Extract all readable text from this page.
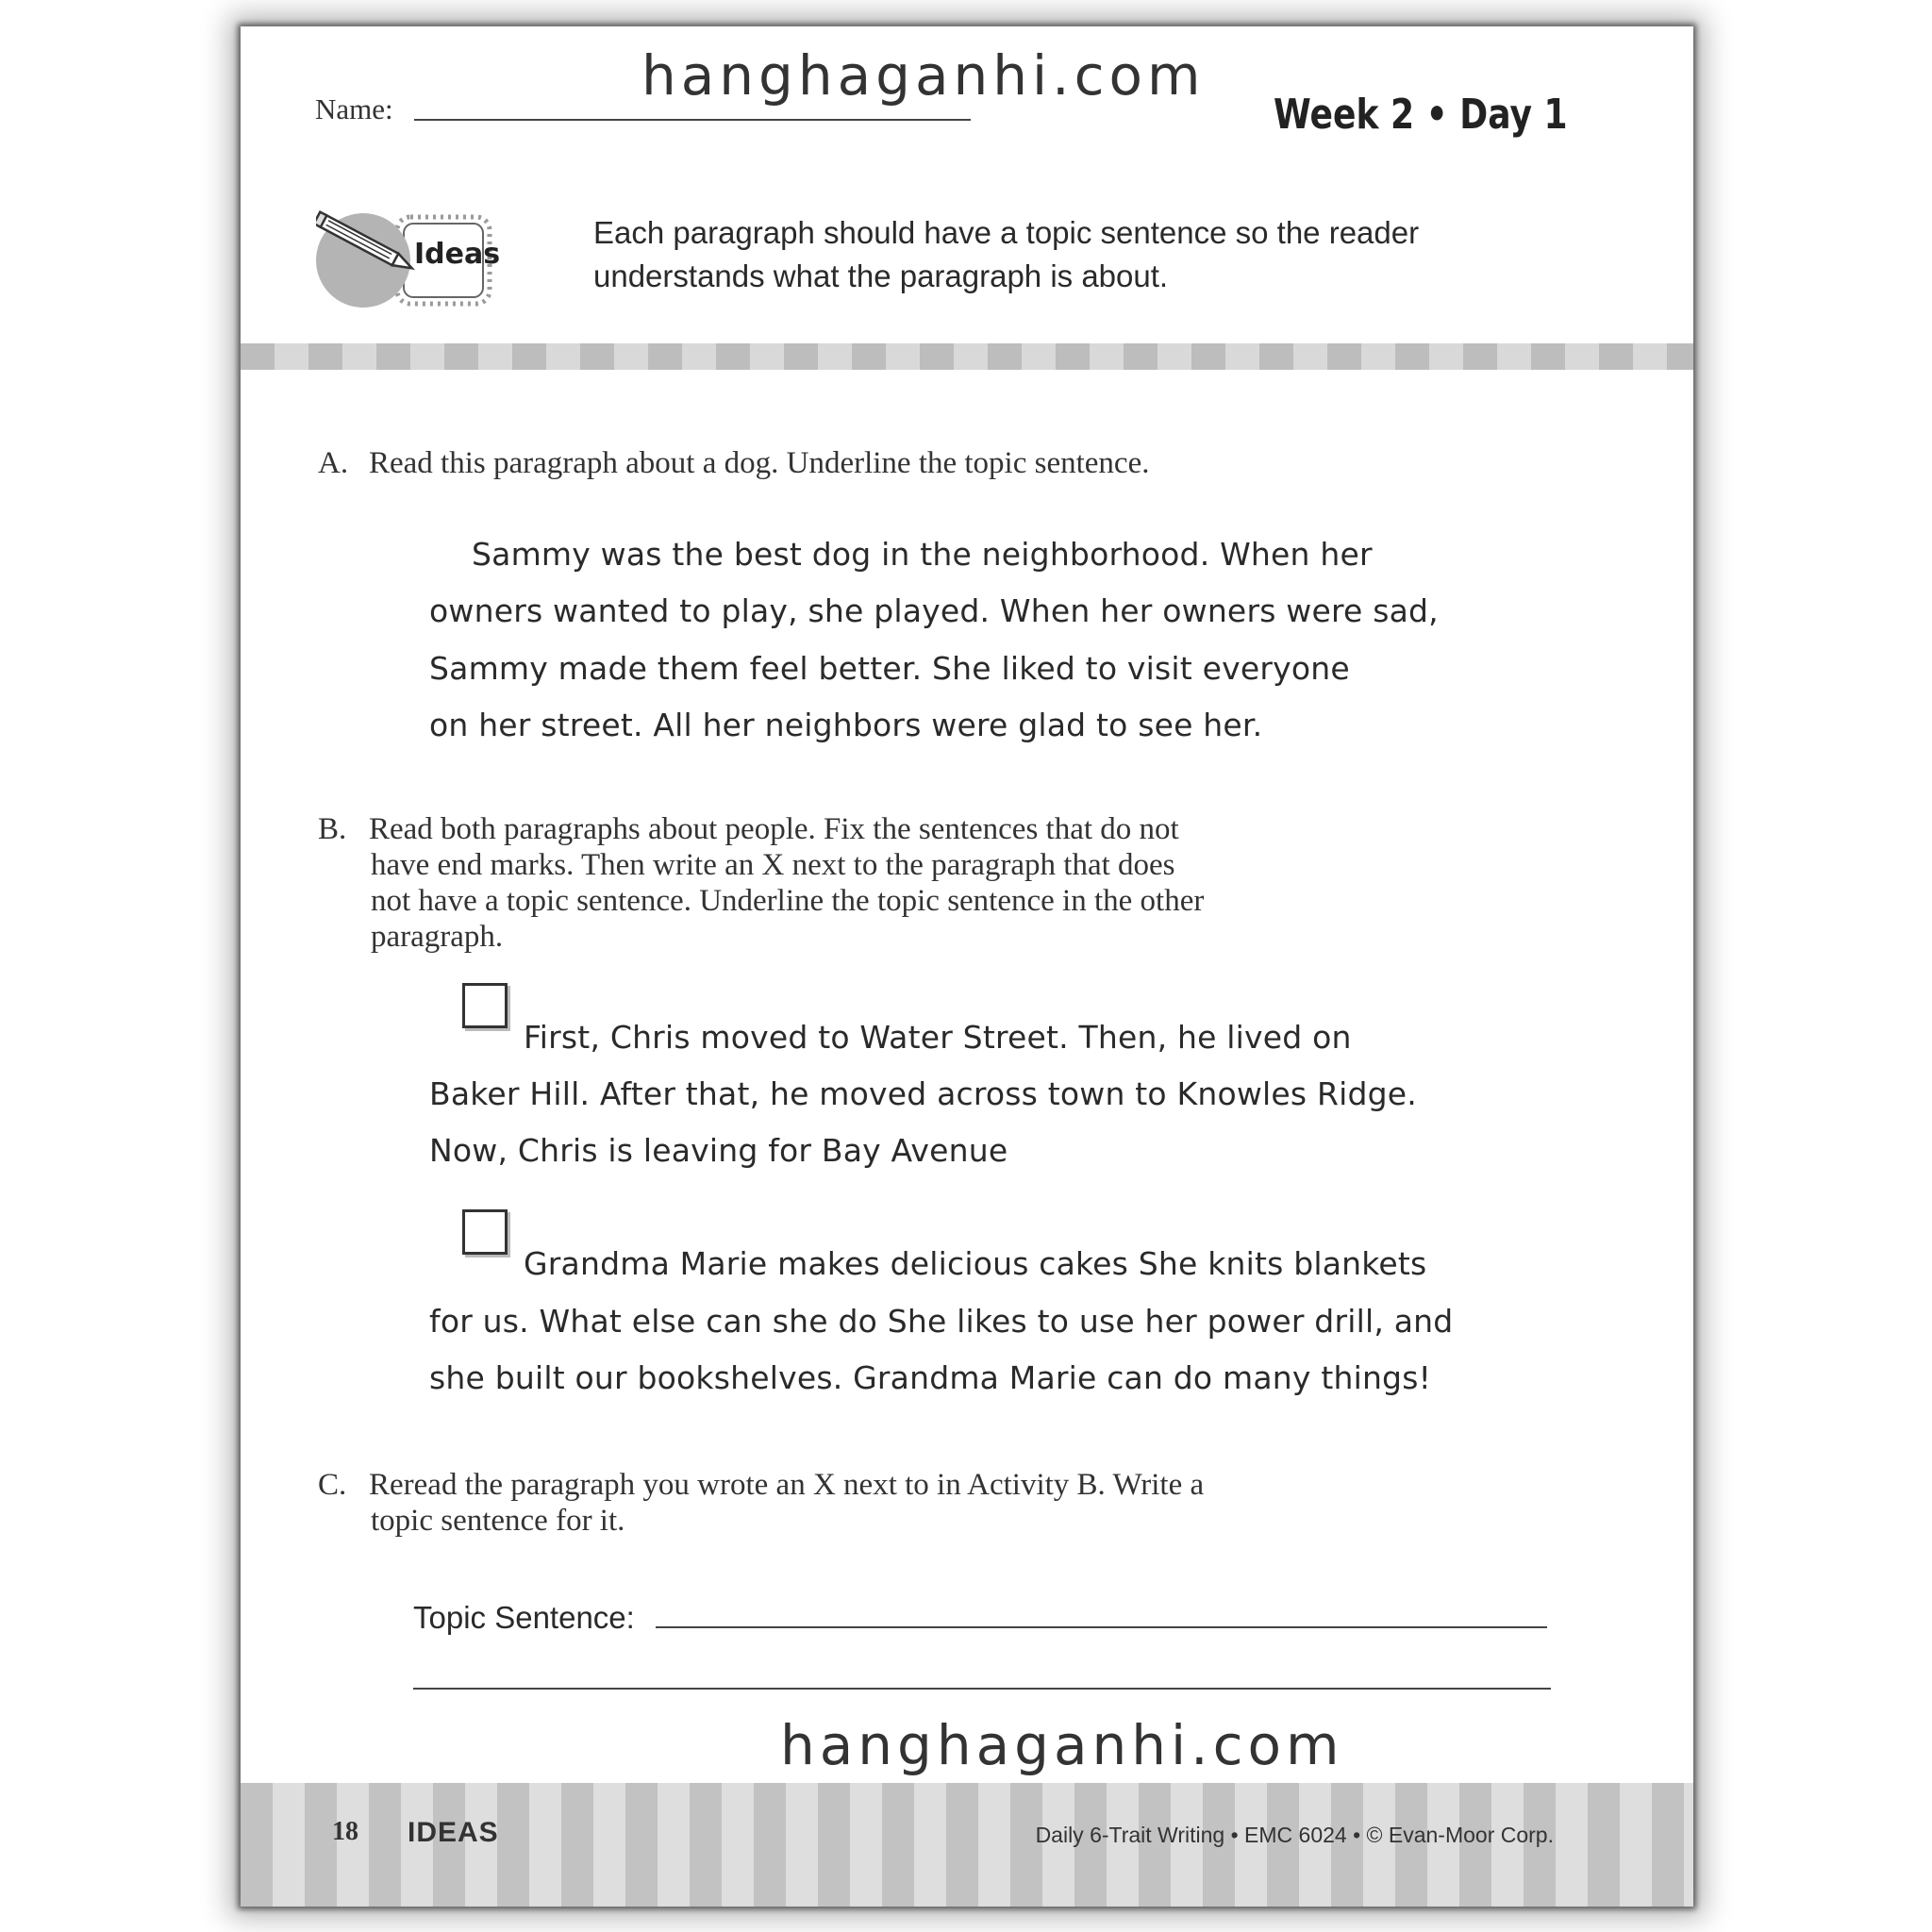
hanghaganhi.com
Name:	Week 2 • Day 1
Ideas
Each paragraph should have a topic sentence so the reader
understands what the paragraph is about.
A. Read this paragraph about a dog. Underline the topic sentence.
Sammy was the best dog in the neighborhood. When her
owners wanted to play, she played. When her owners were sad,
Sammy made them feel better. She liked to visit everyone
on her street. All her neighbors were glad to see her.
B. Read both paragraphs about people. Fix the sentences that do not
have end marks. Then write an X next to the paragraph that does
not have a topic sentence. Underline the topic sentence in the other
paragraph.
First, Chris moved to Water Street. Then, he lived on
Baker Hill. After that, he moved across town to Knowles Ridge.
Now, Chris is leaving for Bay Avenue
Grandma Marie makes delicious cakes She knits blankets
for us. What else can she do She likes to use her power drill, and
she built our bookshelves. Grandma Marie can do many things!
C. Reread the paragraph you wrote an X next to in Activity B. Write a
topic sentence for it.
Topic Sentence:
hanghaganhi.com
18 IDEAS	Daily 6-Trait Writing • EMC 6024 • © Evan-Moor Corp.
